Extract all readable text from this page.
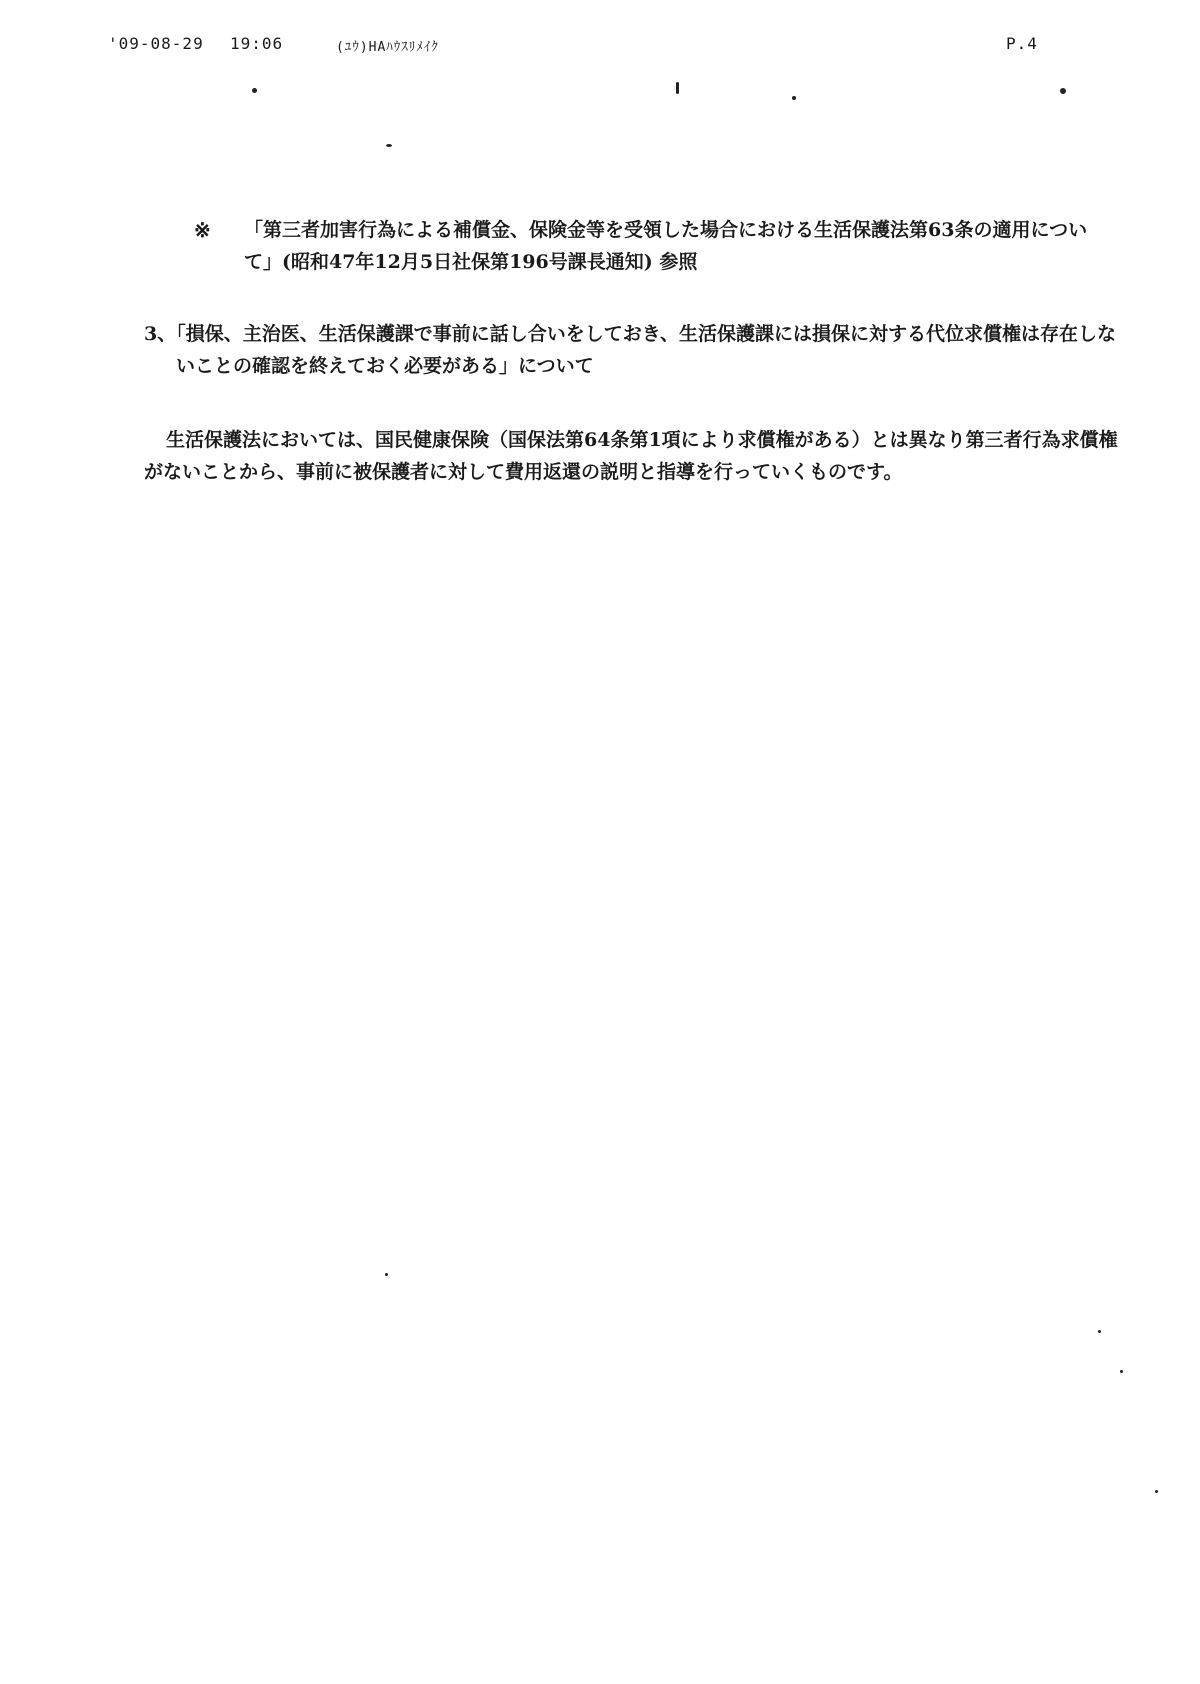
'09-08-29 19:06	(ﾕｳ)HAﾊｳｽﾘﾒｲｸ	P.4
※ 「第三者加害行為による補償金、保険金等を受領した場合における生活保護法第63条の適用について」(昭和47年12月5日社保第196号課長通知) 参照

3、「損保、主治医、生活保護課で事前に話し合いをしておき、生活保護課には損保に対する代位求償権は存在しないことの確認を終えておく必要がある」について

生活保護法においては、国民健康保険（国保法第64条第1項により求償権がある）とは異なり第三者行為求償権がないことから、事前に被保護者に対して費用返還の説明と指導を行っていくものです。
